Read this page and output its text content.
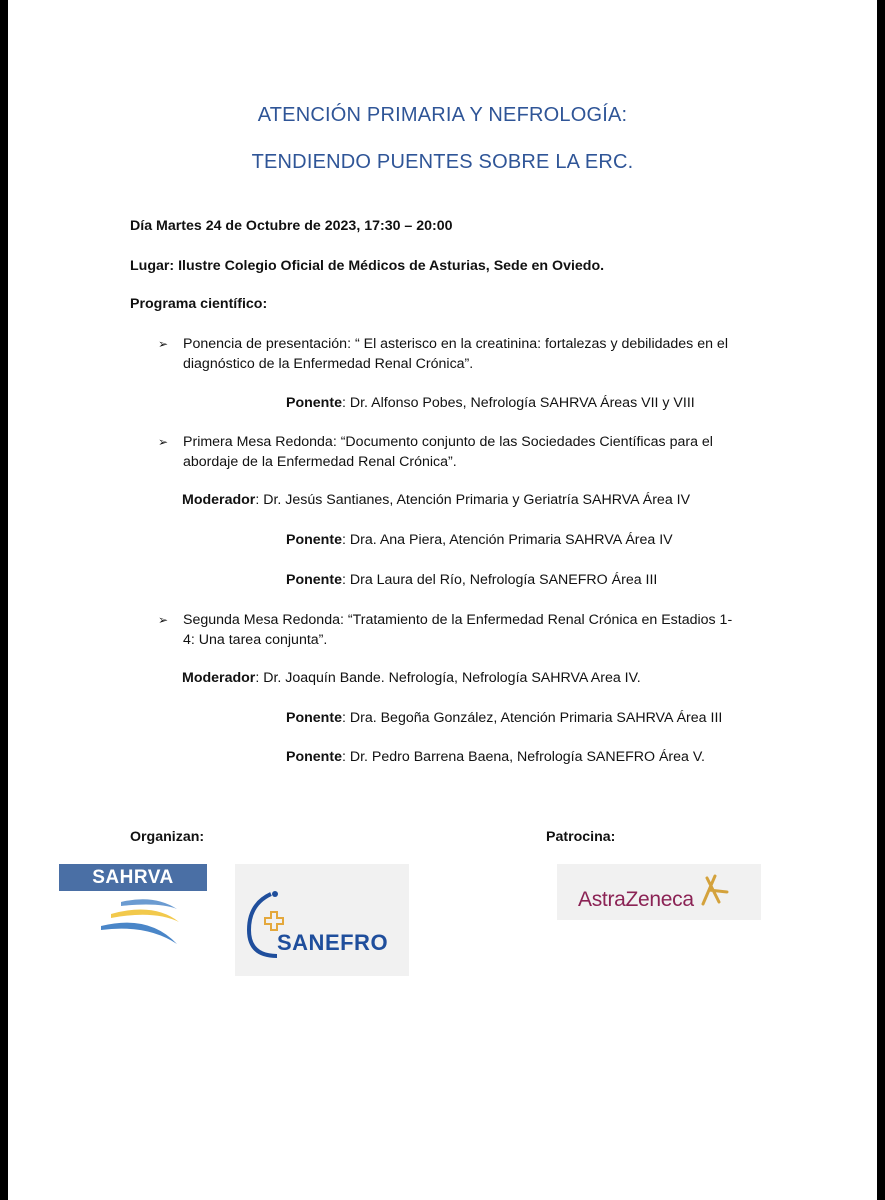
ATENCIÓN PRIMARIA Y NEFROLOGÍA:
TENDIENDO PUENTES SOBRE LA ERC.
Día Martes 24 de Octubre de 2023, 17:30 – 20:00
Lugar: Ilustre Colegio Oficial de Médicos de Asturias, Sede en Oviedo.
Programa científico:
➢ Ponencia de presentación: “ El asterisco en la creatinina: fortalezas y debilidades en el
diagnóstico de la Enfermedad Renal Crónica”.
Ponente: Dr. Alfonso Pobes, Nefrología SAHRVA Áreas VII y VIII
➢ Primera Mesa Redonda: “Documento conjunto de las Sociedades Científicas para el
abordaje de la Enfermedad Renal Crónica”.
Moderador: Dr. Jesús Santianes, Atención Primaria y Geriatría SAHRVA Área IV
Ponente: Dra. Ana Piera, Atención Primaria SAHRVA Área IV
Ponente: Dra Laura del Río, Nefrología SANEFRO Área III
➢ Segunda Mesa Redonda: “Tratamiento de la Enfermedad Renal Crónica en Estadios 1-
4: Una tarea conjunta”.
Moderador: Dr. Joaquín Bande. Nefrología, Nefrología SAHRVA Area IV.
Ponente: Dra. Begoña González, Atención Primaria SAHRVA Área III
Ponente: Dr. Pedro Barrena Baena, Nefrología SANEFRO Área V.
Organizan:	Patrocina:
SAHRVA
SANEFRO
AstraZeneca
